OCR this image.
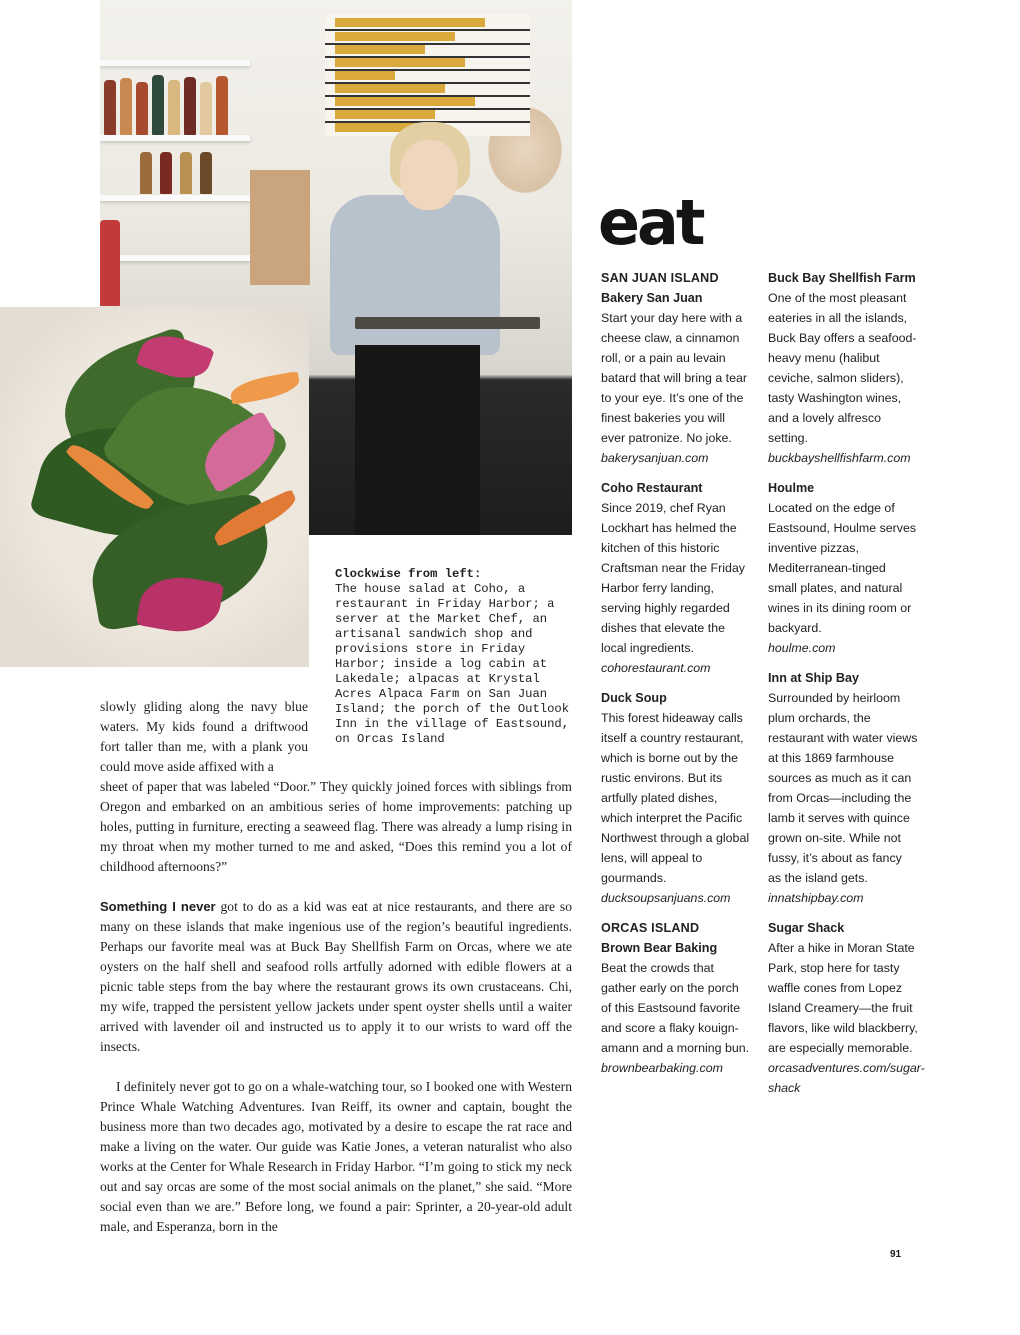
Clockwise from left:
The house salad at Coho, a restaurant in Friday Harbor; a server at the Market Chef, an artisanal sandwich shop and provisions store in Friday Harbor; inside a log cabin at Lakedale; alpacas at Krystal Acres Alpaca Farm on San Juan Island; the porch of the Outlook Inn in the village of Eastsound, on Orcas Island
slowly gliding along the navy blue waters. My kids found a driftwood fort taller than me, with a plank you could move aside affixed with a

sheet of paper that was labeled “Door.” They quickly joined forces with siblings from Oregon and embarked on an ambitious series of home improvements: patching up holes, putting in furniture, erecting a seaweed flag. There was already a lump rising in my throat when my mother turned to me and asked, “Does this remind you a lot of childhood afternoons?”

Something I never got to do as a kid was eat at nice restaurants, and there are so many on these islands that make ingenious use of the region’s beautiful ingredients. Perhaps our favorite meal was at Buck Bay Shellfish Farm on Orcas, where we ate oysters on the half shell and seafood rolls artfully adorned with edible flowers at a picnic table steps from the bay where the restaurant grows its own crustaceans. Chi, my wife, trapped the persistent yellow jackets under spent oyster shells until a waiter arrived with lavender oil and instructed us to apply it to our wrists to ward off the insects.

I definitely never got to go on a whale-watching tour, so I booked one with Western Prince Whale Watching Adventures. Ivan Reiff, its owner and captain, bought the business more than two decades ago, motivated by a desire to escape the rat race and make a living on the water. Our guide was Katie Jones, a veteran naturalist who also works at the Center for Whale Research in Friday Harbor. “I’m going to stick my neck out and say orcas are some of the most social animals on the planet,” she said. “More social even than we are.” Before long, we found a pair: Sprinter, a 20-year-old adult male, and Esperanza, born in the

eat
SAN JUAN ISLAND
Bakery San Juan
Start your day here with a cheese claw, a cinnamon roll, or a pain au levain batard that will bring a tear to your eye. It’s one of the finest bakeries you will ever patronize. No joke.
bakerysanjuan.com
Coho Restaurant
Since 2019, chef Ryan Lockhart has helmed the kitchen of this historic Craftsman near the Friday Harbor ferry landing, serving highly regarded dishes that elevate the local ingredients.
cohorestaurant.com
Duck Soup
This forest hideaway calls itself a country restaurant, which is borne out by the rustic environs. But its artfully plated dishes, which interpret the Pacific Northwest through a global lens, will appeal to gourmands.
ducksoupsanjuans.com
ORCAS ISLAND
Brown Bear Baking
Beat the crowds that gather early on the porch of this Eastsound favorite and score a flaky kouign-amann and a morning bun.
brownbearbaking.com
Buck Bay Shellfish Farm
One of the most pleasant eateries in all the islands, Buck Bay offers a seafood-heavy menu (halibut ceviche, salmon sliders), tasty Washington wines, and a lovely alfresco setting.
buckbayshellfishfarm.com
Houlme
Located on the edge of Eastsound, Houlme serves inventive pizzas, Mediterranean-tinged small plates, and natural wines in its dining room or backyard.
houlme.com
Inn at Ship Bay
Surrounded by heirloom plum orchards, the restaurant with water views at this 1869 farmhouse sources as much as it can from Orcas—including the lamb it serves with quince grown on-site. While not fussy, it’s about as fancy as the island gets.
innatshipbay.com
Sugar Shack
After a hike in Moran State Park, stop here for tasty waffle cones from Lopez Island Creamery—the fruit flavors, like wild blackberry, are especially memorable.
orcasadventures.com/sugar-shack
91
